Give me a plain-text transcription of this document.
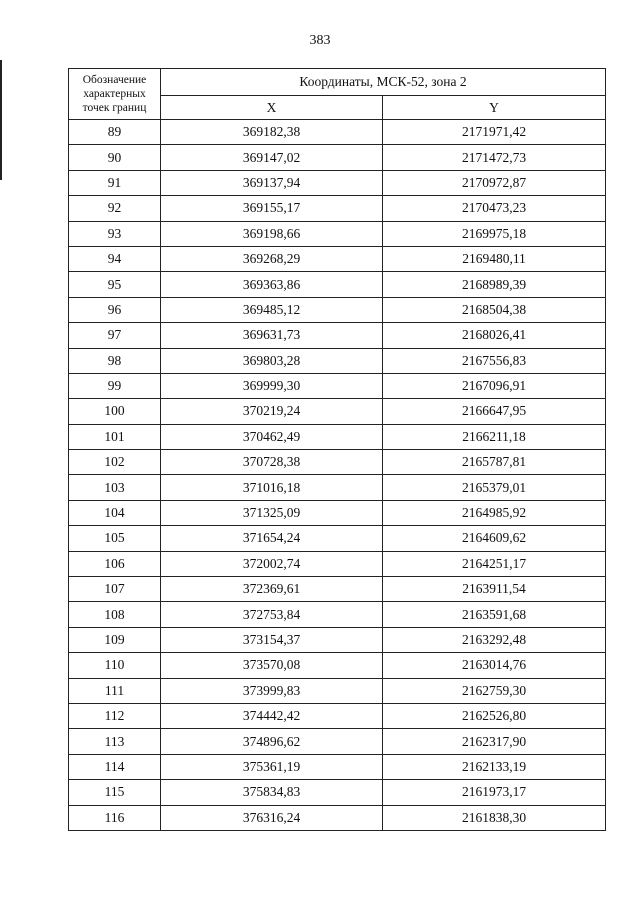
383
Обозначение
характерных
точек границ	Координаты, МСК-52, зона 2	
	X	Y
89	369182,38	2171971,42
90	369147,02	2171472,73
91	369137,94	2170972,87
92	369155,17	2170473,23
93	369198,66	2169975,18
94	369268,29	2169480,11
95	369363,86	2168989,39
96	369485,12	2168504,38
97	369631,73	2168026,41
98	369803,28	2167556,83
99	369999,30	2167096,91
100	370219,24	2166647,95
101	370462,49	2166211,18
102	370728,38	2165787,81
103	371016,18	2165379,01
104	371325,09	2164985,92
105	371654,24	2164609,62
106	372002,74	2164251,17
107	372369,61	2163911,54
108	372753,84	2163591,68
109	373154,37	2163292,48
110	373570,08	2163014,76
111	373999,83	2162759,30
112	374442,42	2162526,80
113	374896,62	2162317,90
114	375361,19	2162133,19
115	375834,83	2161973,17
116	376316,24	2161838,30
